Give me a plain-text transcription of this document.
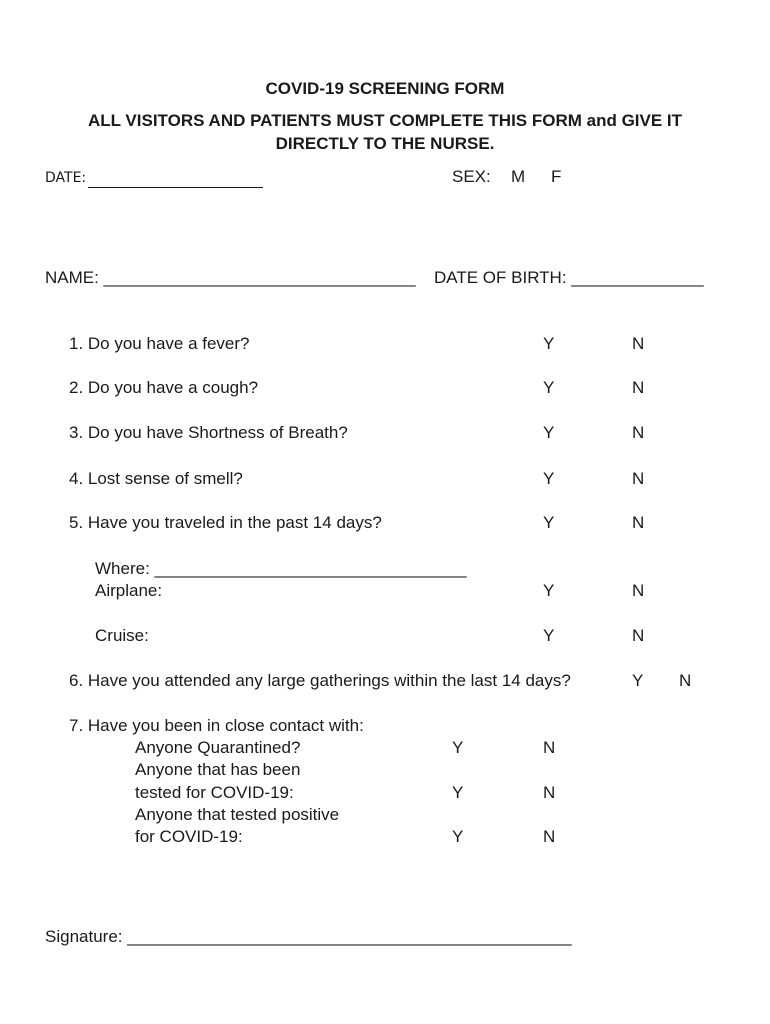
COVID-19 SCREENING FORM
ALL VISITORS AND PATIENTS MUST COMPLETE THIS FORM and GIVE IT
DIRECTLY TO THE NURSE.
DATE:	SEX: M F
NAME: _________________________________ DATE OF BIRTH: ______________
1. Do you have a fever?	Y	N
2. Do you have a cough?	Y	N
3. Do you have Shortness of Breath?	Y	N
4. Lost sense of smell?	Y	N
5. Have you traveled in the past 14 days?	Y	N
Where: _________________________________
Airplane:	Y	N
Cruise:	Y	N
6. Have you attended any large gatherings within the last 14 days?	Y N
7. Have you been in close contact with:
Anyone Quarantined?	Y	N
Anyone that has been
tested for COVID-19:	Y	N
Anyone that tested positive
for COVID-19:	Y	N
Signature: _______________________________________________
